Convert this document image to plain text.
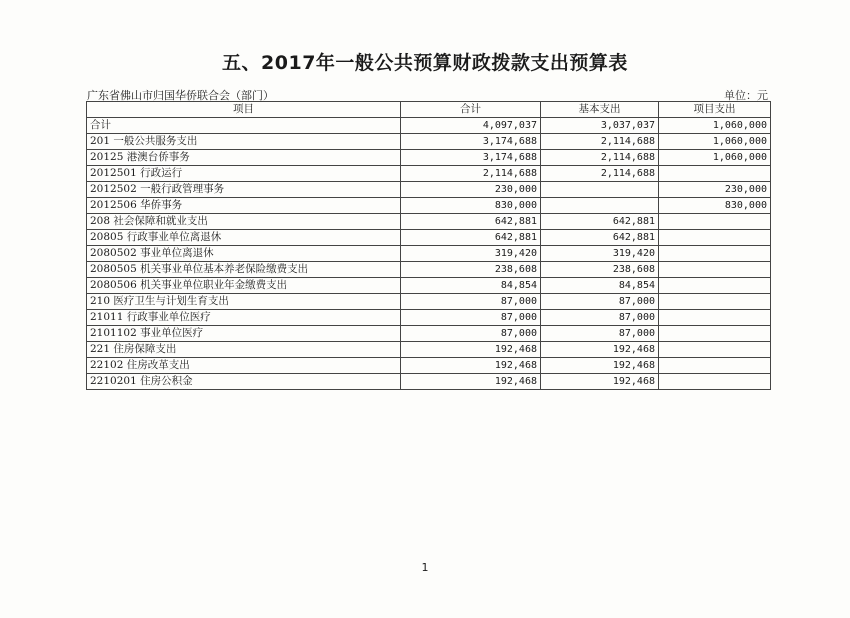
五、2017年一般公共预算财政拨款支出预算表
广东省佛山市归国华侨联合会（部门）	单位：元
项目	合计	基本支出	项目支出
合计	4,097,037	3,037,037	1,060,000
201 一般公共服务支出	3,174,688	2,114,688	1,060,000
20125 港澳台侨事务	3,174,688	2,114,688	1,060,000
2012501 行政运行	2,114,688	2,114,688	
2012502 一般行政管理事务	230,000		230,000
2012506 华侨事务	830,000		830,000
208 社会保障和就业支出	642,881	642,881	
20805 行政事业单位离退休	642,881	642,881	
2080502 事业单位离退休	319,420	319,420	
2080505 机关事业单位基本养老保险缴费支出	238,608	238,608	
2080506 机关事业单位职业年金缴费支出	84,854	84,854	
210 医疗卫生与计划生育支出	87,000	87,000	
21011 行政事业单位医疗	87,000	87,000	
2101102 事业单位医疗	87,000	87,000	
221 住房保障支出	192,468	192,468	
22102 住房改革支出	192,468	192,468	
2210201 住房公积金	192,468	192,468	
1
